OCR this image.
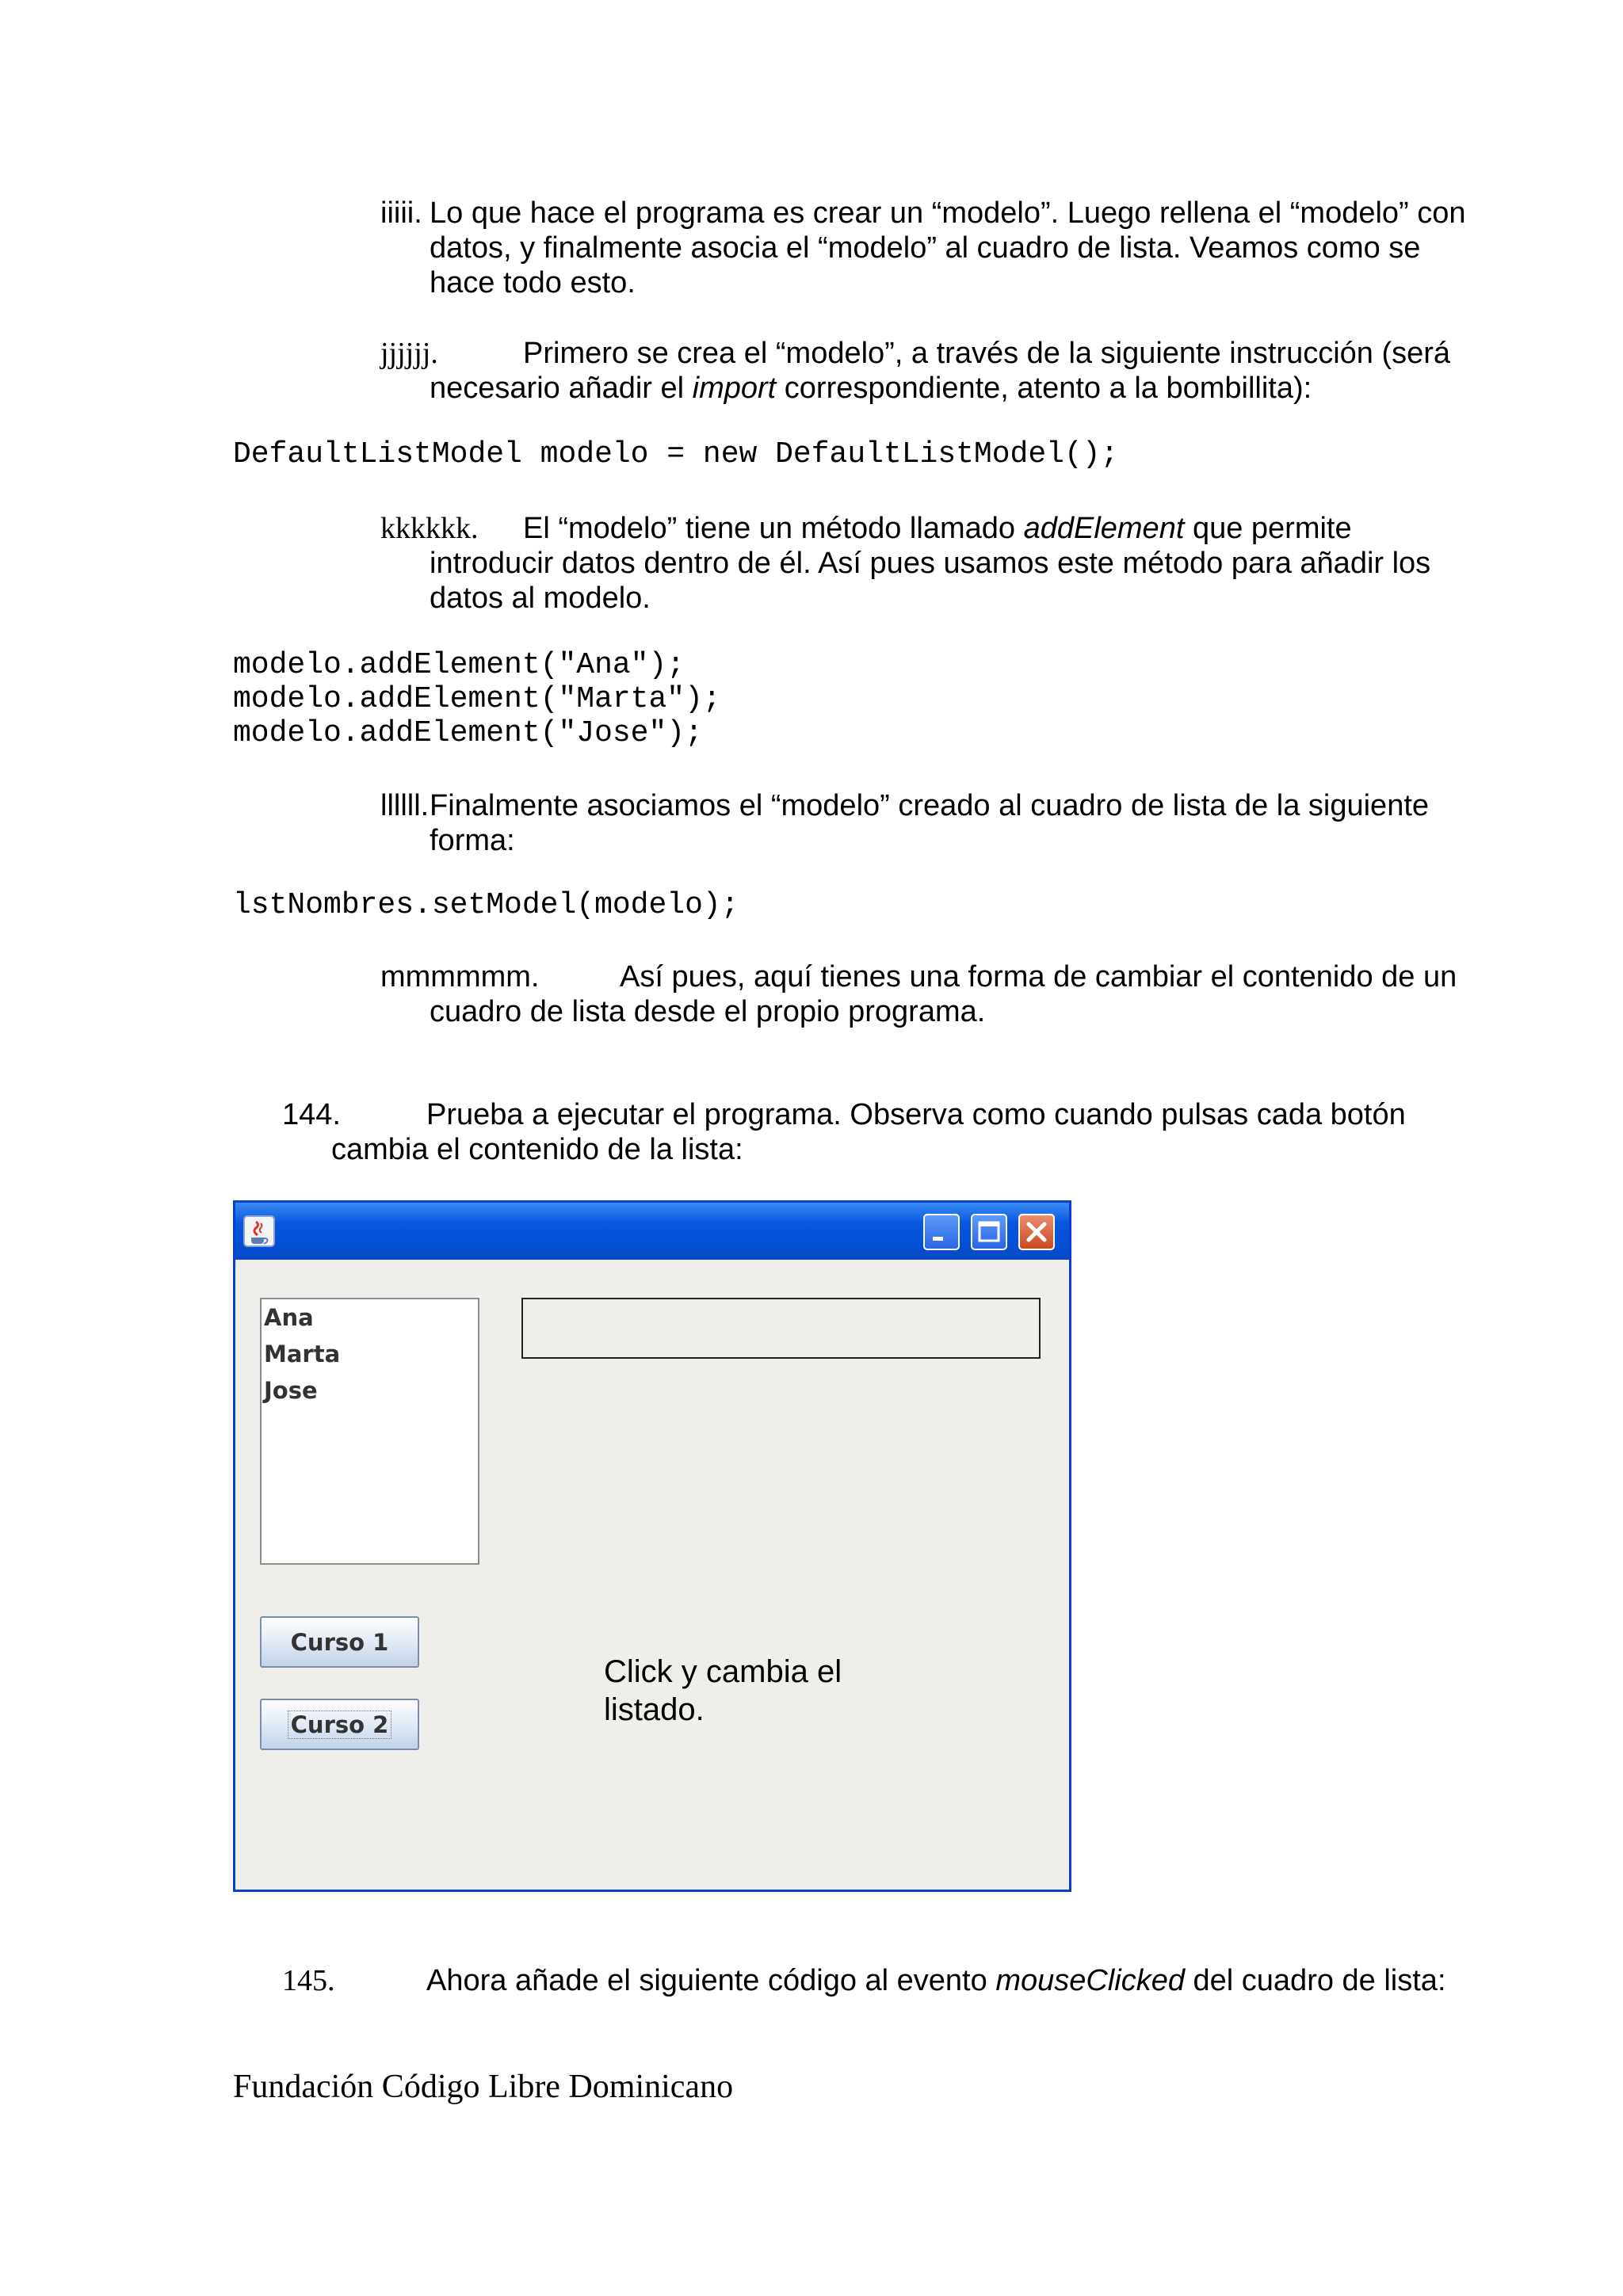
iiiii. Lo que hace el programa es crear un “modelo”. Luego rellena el “modelo” con
datos, y finalmente asocia el “modelo” al cuadro de lista. Veamos como se
hace todo esto.
jjjjjj.	Primero se crea el “modelo”, a través de la siguiente instrucción (será
necesario añadir el import correspondiente, atento a la bombillita):
DefaultListModel modelo = new DefaultListModel();
kkkkkk. El “modelo” tiene un método llamado addElement que permite
introducir datos dentro de él. Así pues usamos este método para añadir los
datos al modelo.
modelo.addElement("Ana");
modelo.addElement("Marta");
modelo.addElement("Jose");
llllll. Finalmente asociamos el “modelo” creado al cuadro de lista de la siguiente
forma:
lstNombres.setModel(modelo);
mmmmmm.	Así pues, aquí tienes una forma de cambiar el contenido de un
cuadro de lista desde el propio programa.
144.	Prueba a ejecutar el programa. Observa como cuando pulsas cada botón
cambia el contenido de la lista:
Ana
Marta
Jose
Curso 1
Curso 2
Click y cambia el
listado.
145.	Ahora añade el siguiente código al evento mouseClicked del cuadro de lista:
Fundación Código Libre Dominicano
